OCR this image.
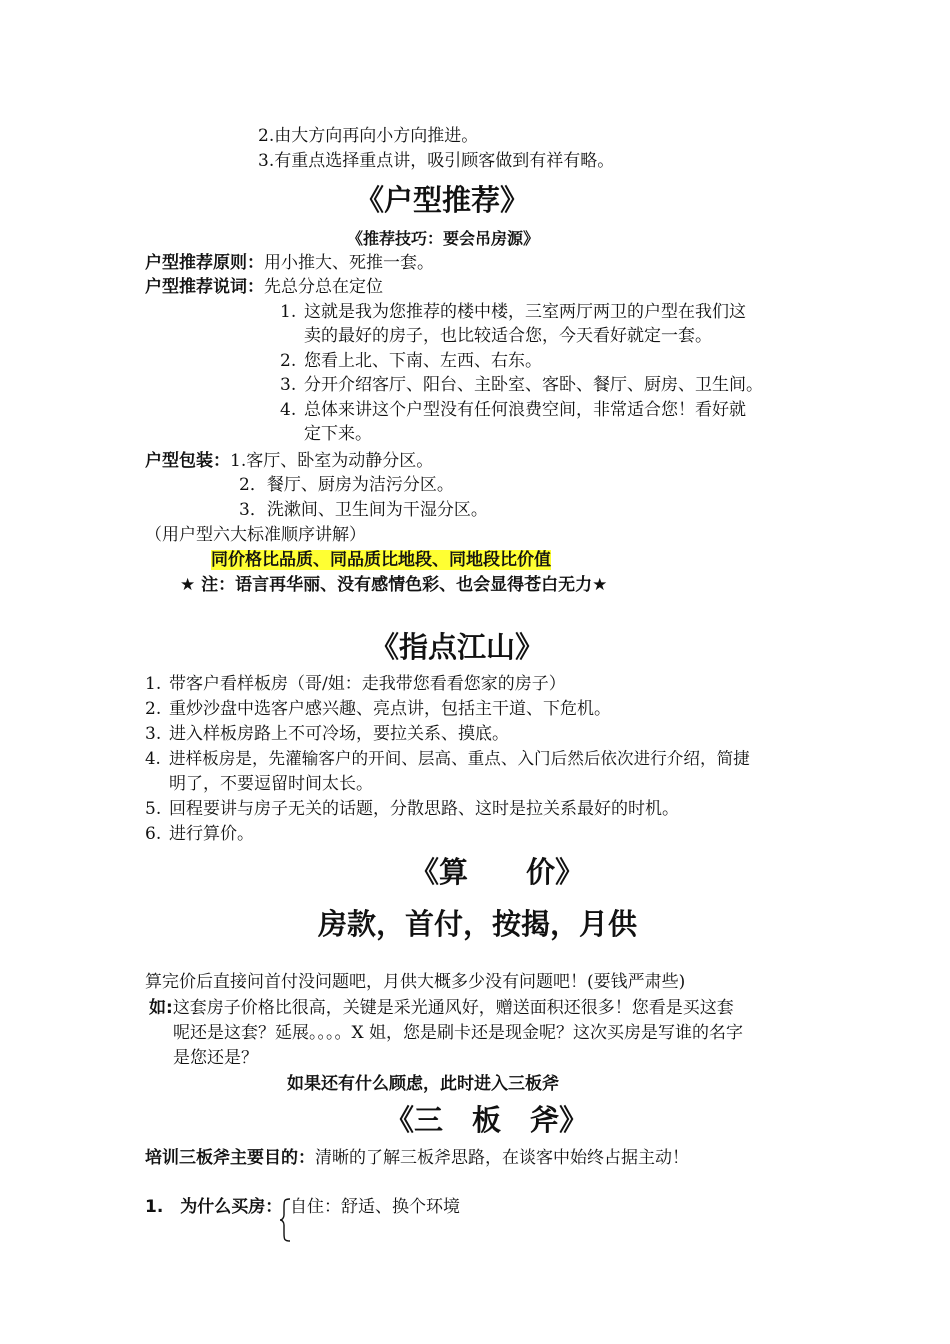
2.由大方向再向小方向推进。
3.有重点选择重点讲，吸引顾客做到有祥有略。
《户型推荐》
《推荐技巧：要会吊房源》
户型推荐原则：用小推大、死推一套。
户型推荐说词：先总分总在定位
1. 这就是我为您推荐的楼中楼，三室两厅两卫的户型在我们这
卖的最好的房子，也比较适合您，今天看好就定一套。
2. 您看上北、下南、左西、右东。
3. 分开介绍客厅、阳台、主卧室、客卧、餐厅、厨房、卫生间。
4. 总体来讲这个户型没有任何浪费空间，非常适合您！看好就
定下来。
户型包装：1.客厅、卧室为动静分区。
2．餐厅、厨房为洁污分区。
3．洗漱间、卫生间为干湿分区。
（用户型六大标准顺序讲解）
同价格比品质、同品质比地段、同地段比价值
★ 注：语言再华丽、没有感情色彩、也会显得苍白无力★
《指点江山》
1. 带客户看样板房（哥/姐：走我带您看看您家的房子）
2. 重炒沙盘中选客户感兴趣、亮点讲，包括主干道、下危机。
3. 进入样板房路上不可冷场，要拉关系、摸底。
4. 进样板房是，先灌输客户的开间、层高、重点、入门后然后依次进行介绍，简捷
明了，不要逗留时间太长。
5. 回程要讲与房子无关的话题，分散思路、这时是拉关系最好的时机。
6. 进行算价。
《算　　价》
房款，首付，按揭，月供
算完价后直接问首付没问题吧，月供大概多少没有问题吧！(要钱严肃些)
如:这套房子价格比很高，关键是采光通风好，赠送面积还很多！您看是买这套
呢还是这套？延展。。。。X 姐，您是刷卡还是现金呢？这次买房是写谁的名字
是您还是？
如果还有什么顾虑，此时进入三板斧
《三　板　斧》
培训三板斧主要目的：清晰的了解三板斧思路，在谈客中始终占据主动！
1.　为什么买房： 自住：舒适、换个环境
